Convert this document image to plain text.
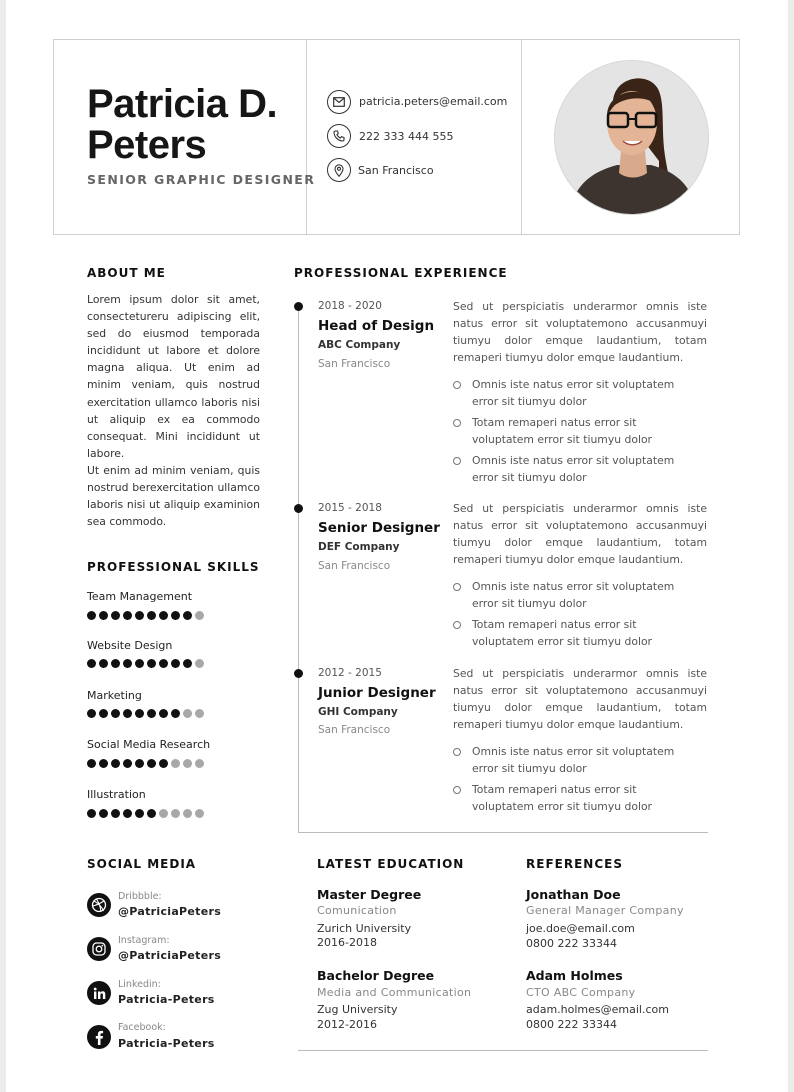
Patricia D.
Peters
SENIOR GRAPHIC DESIGNER
patricia.peters@email.com
222 333 444 555
San Francisco
ABOUT ME
Lorem ipsum dolor sit amet, consectetureru adipiscing elit, sed do eiusmod temporada incididunt ut labore et dolore magna aliqua. Ut enim ad minim veniam, quis nostrud exercitation ullamco laboris nisi ut aliquip ex ea commodo consequat. Mini incididunt ut labore.
Ut enim ad minim veniam, quis nostrud berexercitation ullamco laboris nisi ut aliquip examinion sea commodo.
PROFESSIONAL SKILLS
Team Management
Website Design
Marketing
Social Media Research
Illustration
PROFESSIONAL EXPERIENCE
2018 - 2020
Head of Design
ABC Company
San Francisco
Sed ut perspiciatis underarmor omnis iste natus error sit voluptatemono accusanmuyi tiumyu dolor emque laudantium, totam remaperi tiumyu dolor emque laudantium.
Omnis iste natus error sit voluptatem error sit tiumyu dolor
Totam remaperi natus error sit voluptatem error sit tiumyu dolor
Omnis iste natus error sit voluptatem error sit tiumyu dolor
2015 - 2018
Senior Designer
DEF Company
San Francisco
Sed ut perspiciatis underarmor omnis iste natus error sit voluptatemono accusanmuyi tiumyu dolor emque laudantium, totam remaperi tiumyu dolor emque laudantium.
Omnis iste natus error sit voluptatem error sit tiumyu dolor
Totam remaperi natus error sit voluptatem error sit tiumyu dolor
2012 - 2015
Junior Designer
GHI Company
San Francisco
Sed ut perspiciatis underarmor omnis iste natus error sit voluptatemono accusanmuyi tiumyu dolor emque laudantium, totam remaperi tiumyu dolor emque laudantium.
Omnis iste natus error sit voluptatem error sit tiumyu dolor
Totam remaperi natus error sit voluptatem error sit tiumyu dolor
SOCIAL MEDIA
Dribbble:
@PatriciaPeters
Instagram:
@PatriciaPeters
Linkedin:
Patricia-Peters
Facebook:
Patricia-Peters
LATEST EDUCATION
Master Degree
Comunication
Zurich University
2016-2018
Bachelor Degree
Media and Communication
Zug University
2012-2016
REFERENCES
Jonathan Doe
General Manager Company
joe.doe@email.com
0800 222 33344
Adam Holmes
CTO ABC Company
adam.holmes@email.com
0800 222 33344
